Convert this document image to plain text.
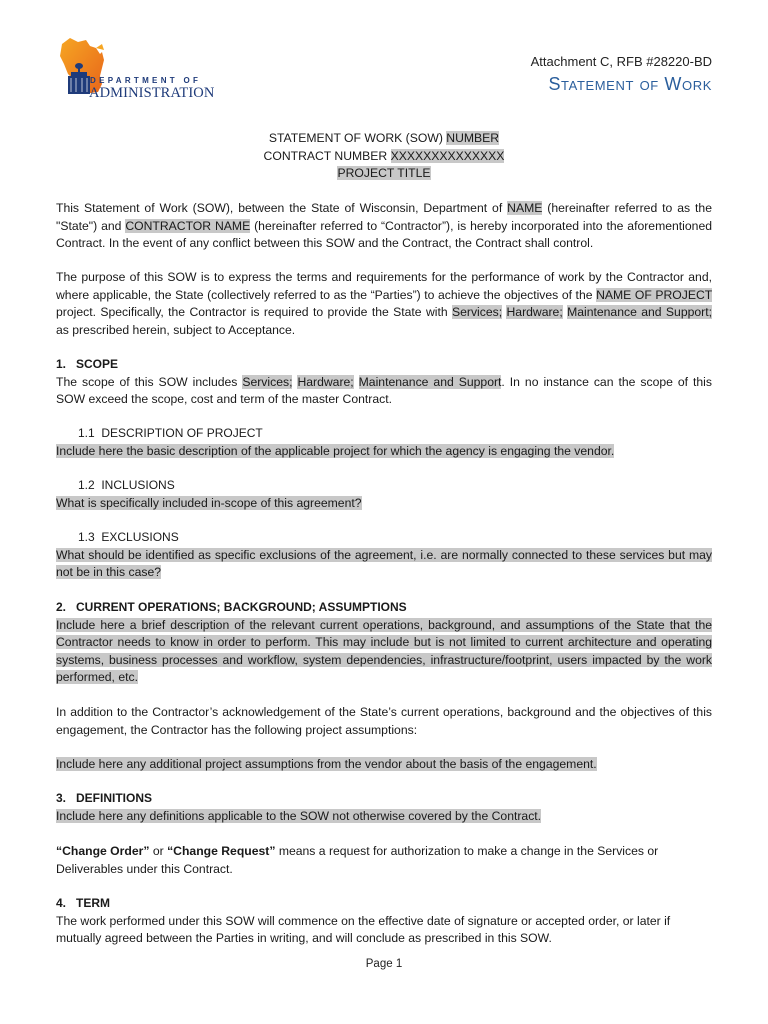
DEPARTMENT OF
ADMINISTRATION
Attachment C, RFB #28220-BD
Statement of Work
STATEMENT OF WORK (SOW) NUMBER
CONTRACT NUMBER XXXXXXXXXXXXXX
PROJECT TITLE

This Statement of Work (SOW), between the State of Wisconsin, Department of NAME (hereinafter referred to as the "State") and CONTRACTOR NAME (hereinafter referred to “Contractor”), is hereby incorporated into the aforementioned Contract. In the event of any conflict between this SOW and the Contract, the Contract shall control.

The purpose of this SOW is to express the terms and requirements for the performance of work by the Contractor and, where applicable, the State (collectively referred to as the “Parties”) to achieve the objectives of the NAME OF PROJECT project. Specifically, the Contractor is required to provide the State with Services; Hardware; Maintenance and Support; as prescribed herein, subject to Acceptance.

1.   SCOPE

The scope of this SOW includes Services; Hardware; Maintenance and Support. In no instance can the scope of this SOW exceed the scope, cost and term of the master Contract.

1.1  DESCRIPTION OF PROJECT

Include here the basic description of the applicable project for which the agency is engaging the vendor.

1.2  INCLUSIONS

What is specifically included in-scope of this agreement?

1.3  EXCLUSIONS

What should be identified as specific exclusions of the agreement, i.e. are normally connected to these services but may not be in this case?

2.   CURRENT OPERATIONS; BACKGROUND; ASSUMPTIONS

Include here a brief description of the relevant current operations, background, and assumptions of the State that the Contractor needs to know in order to perform. This may include but is not limited to current architecture and operating systems, business processes and workflow, system dependencies, infrastructure/footprint, users impacted by the work performed, etc.

In addition to the Contractor’s acknowledgement of the State’s current operations, background and the objectives of this engagement, the Contractor has the following project assumptions:

Include here any additional project assumptions from the vendor about the basis of the engagement.

3.   DEFINITIONS

Include here any definitions applicable to the SOW not otherwise covered by the Contract.

“Change Order” or “Change Request” means a request for authorization to make a change in the Services or Deliverables under this Contract.

4.   TERM

The work performed under this SOW will commence on the effective date of signature or accepted order, or later if mutually agreed between the Parties in writing, and will conclude as prescribed in this SOW.

Page 1
